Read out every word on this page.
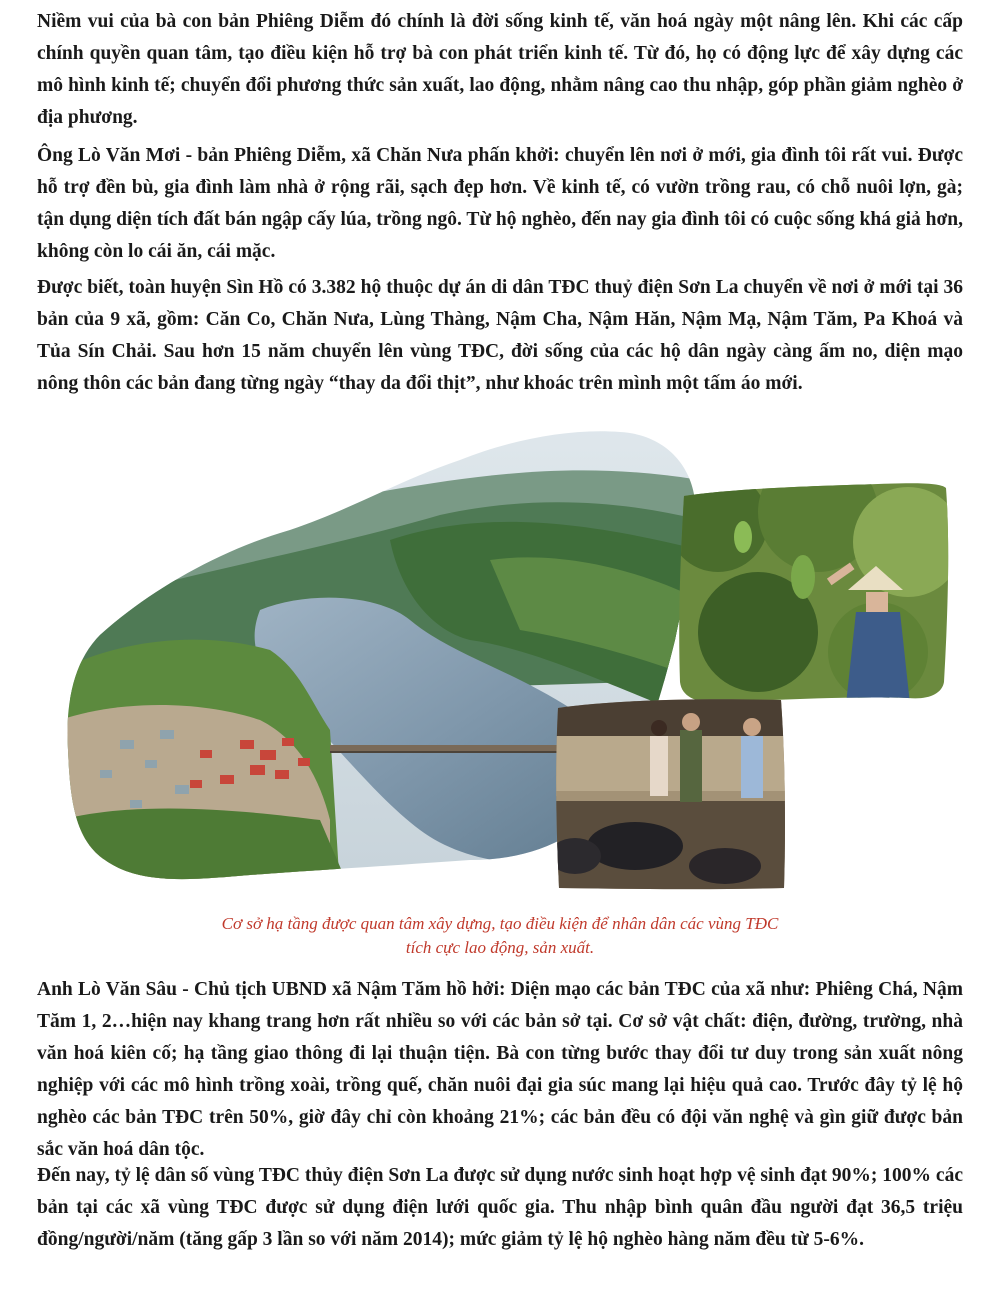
Niềm vui của bà con bản Phiêng Diễm đó chính là đời sống kinh tế, văn hoá ngày một nâng lên. Khi các cấp chính quyền quan tâm, tạo điều kiện hỗ trợ bà con phát triển kinh tế. Từ đó, họ có động lực để xây dựng các mô hình kinh tế; chuyển đổi phương thức sản xuất, lao động, nhằm nâng cao thu nhập, góp phần giảm nghèo ở địa phương.

Ông Lò Văn Mơi - bản Phiêng Diễm, xã Chăn Nưa phấn khởi: chuyển lên nơi ở mới, gia đình tôi rất vui. Được hỗ trợ đền bù, gia đình làm nhà ở rộng rãi, sạch đẹp hơn. Về kinh tế, có vườn trồng rau, có chỗ nuôi lợn, gà; tận dụng diện tích đất bán ngập cấy lúa, trồng ngô. Từ hộ nghèo, đến nay gia đình tôi có cuộc sống khá giả hơn, không còn lo cái ăn, cái mặc.

Được biết, toàn huyện Sìn Hồ có 3.382 hộ thuộc dự án di dân TĐC thuỷ điện Sơn La chuyển về nơi ở mới tại 36 bản của 9 xã, gồm: Căn Co, Chăn Nưa, Lùng Thàng, Nậm Cha, Nậm Hăn, Nậm Mạ, Nậm Tăm, Pa Khoá và Tủa Sín Chải. Sau hơn 15 năm chuyển lên vùng TĐC, đời sống của các hộ dân ngày càng ấm no, diện mạo nông thôn các bản đang từng ngày “thay da đổi thịt”, như khoác trên mình một tấm áo mới.

Cơ sở hạ tầng được quan tâm xây dựng, tạo điều kiện để nhân dân các vùng TĐC
tích cực lao động, sản xuất.

Anh Lò Văn Sâu - Chủ tịch UBND xã Nậm Tăm hồ hởi: Diện mạo các bản TĐC của xã như: Phiêng Chá, Nậm Tăm 1, 2…hiện nay khang trang hơn rất nhiều so với các bản sở tại. Cơ sở vật chất: điện, đường, trường, nhà văn hoá kiên cố; hạ tầng giao thông đi lại thuận tiện. Bà con từng bước thay đổi tư duy trong sản xuất nông nghiệp với các mô hình trồng xoài, trồng quế, chăn nuôi đại gia súc mang lại hiệu quả cao. Trước đây tỷ lệ hộ nghèo các bản TĐC trên 50%, giờ đây chỉ còn khoảng 21%; các bản đều có đội văn nghệ và gìn giữ được bản sắc văn hoá dân tộc.

Đến nay, tỷ lệ dân số vùng TĐC thủy điện Sơn La được sử dụng nước sinh hoạt hợp vệ sinh đạt 90%; 100% các bản tại các xã vùng TĐC được sử dụng điện lưới quốc gia. Thu nhập bình quân đầu người đạt 36,5 triệu đồng/người/năm (tăng gấp 3 lần so với năm 2014); mức giảm tỷ lệ hộ nghèo hàng năm đều từ 5-6%.
